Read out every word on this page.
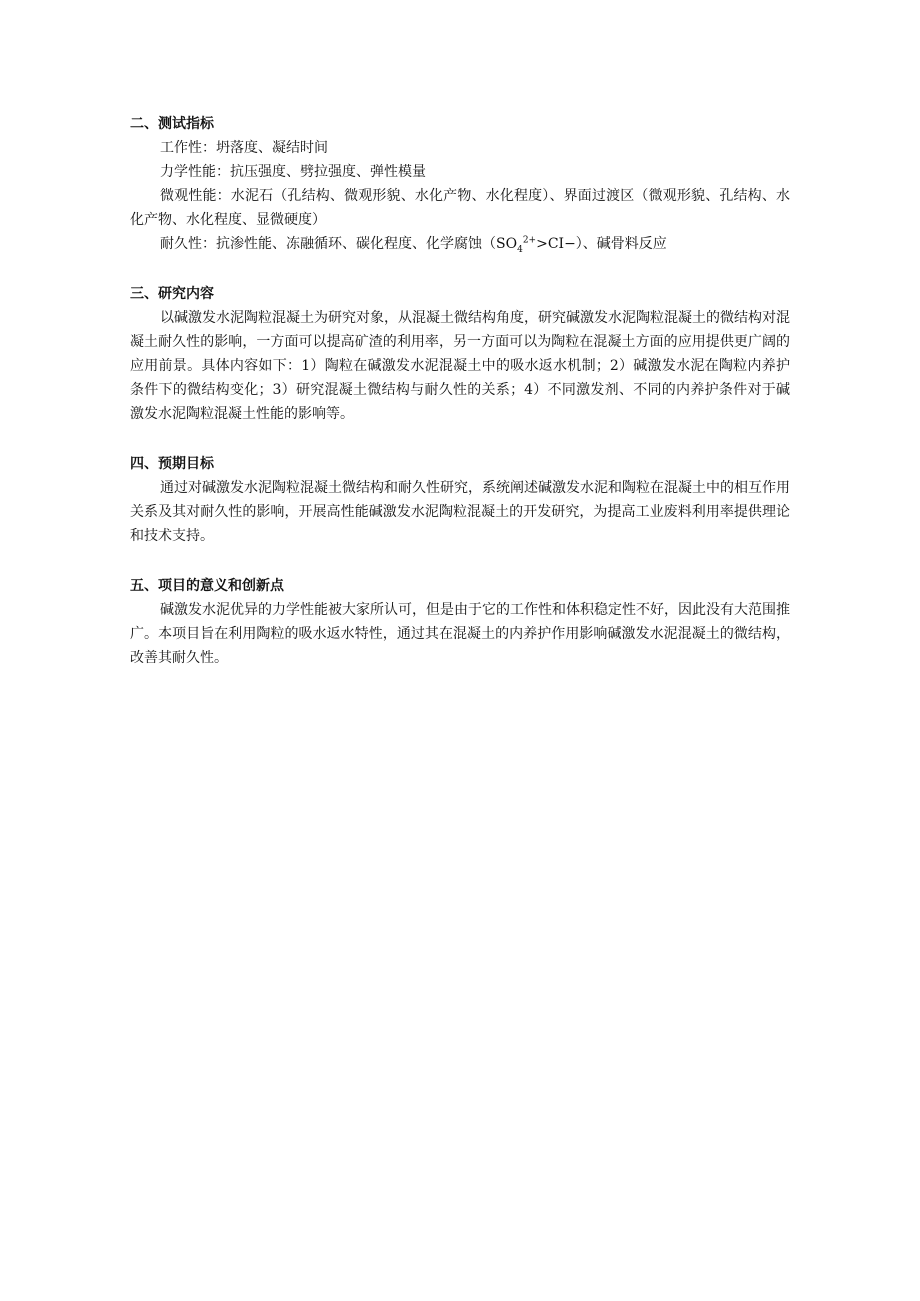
二、测试指标

工作性：坍落度、凝结时间

力学性能：抗压强度、劈拉强度、弹性模量

微观性能：水泥石（孔结构、微观形貌、水化产物、水化程度）、界面过渡区（微观形貌、孔结构、水化产物、水化程度、显微硬度）

耐久性：抗渗性能、冻融循环、碳化程度、化学腐蚀$(SO_4^{2+}>CI-)$、碱骨料反应

三、研究内容

以碱激发水泥陶粒混凝土为研究对象，从混凝土微结构角度，研究碱激发水泥陶粒混凝土的微结构对混凝土耐久性的影响，一方面可以提高矿渣的利用率，另一方面可以为陶粒在混凝土方面的应用提供更广阔的应用前景。具体内容如下：1）陶粒在碱激发水泥混凝土中的吸水返水机制；2）碱激发水泥在陶粒内养护条件下的微结构变化；3）研究混凝土微结构与耐久性的关系；4）不同激发剂、不同的内养护条件对于碱激发水泥陶粒混凝土性能的影响等。

四、预期目标

通过对碱激发水泥陶粒混凝土微结构和耐久性研究，系统阐述碱激发水泥和陶粒在混凝土中的相互作用关系及其对耐久性的影响，开展高性能碱激发水泥陶粒混凝土的开发研究，为提高工业废料利用率提供理论和技术支持。

五、项目的意义和创新点

碱激发水泥优异的力学性能被大家所认可，但是由于它的工作性和体积稳定性不好，因此没有大范围推广。本项目旨在利用陶粒的吸水返水特性，通过其在混凝土的内养护作用影响碱激发水泥混凝土的微结构，改善其耐久性。
